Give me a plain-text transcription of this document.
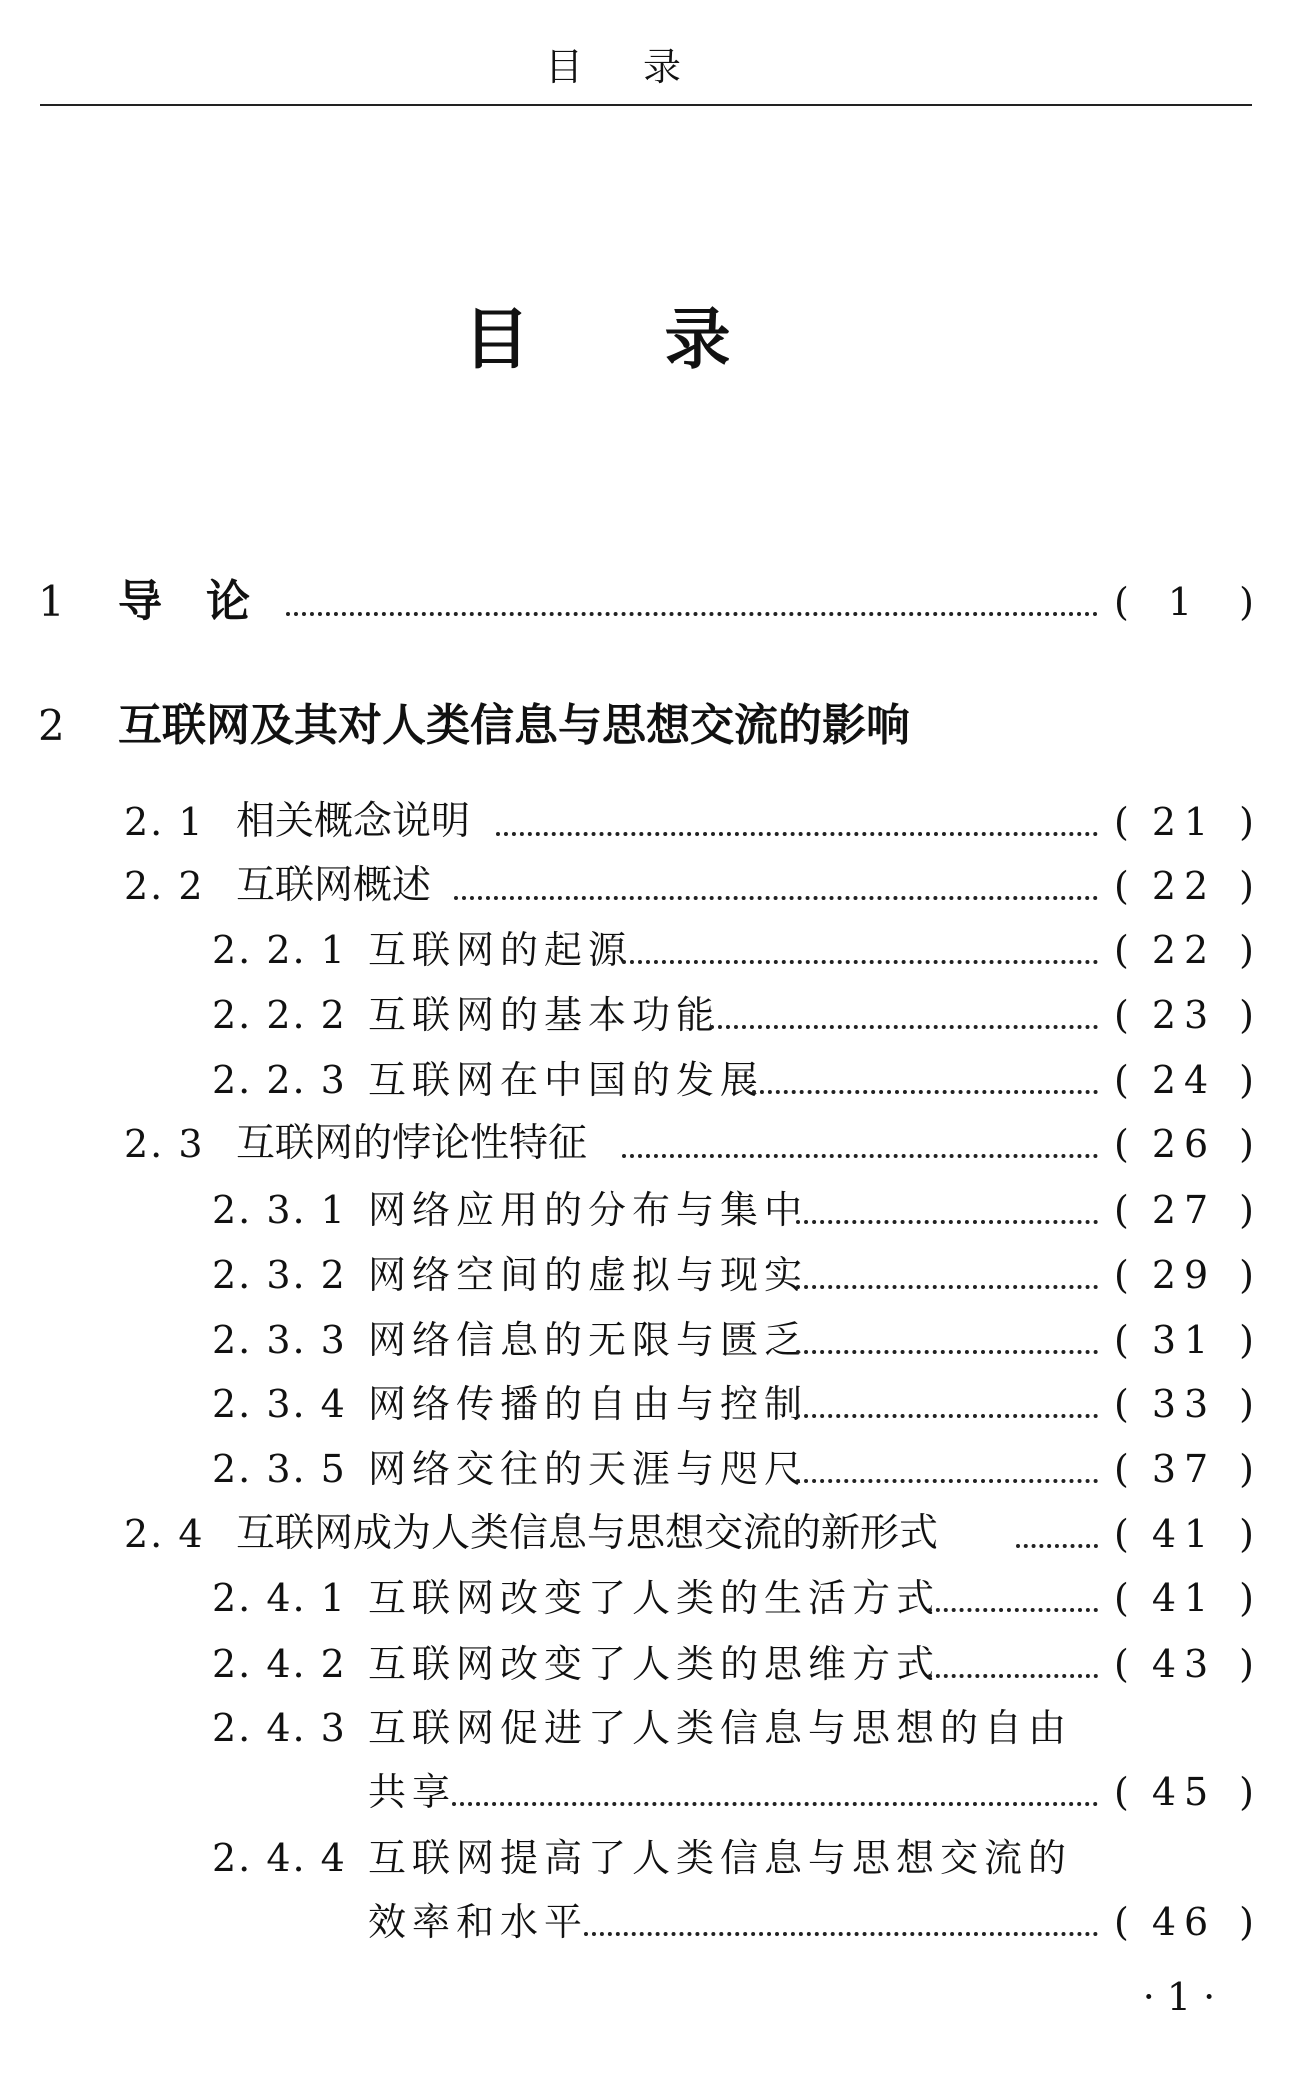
目 录
目 录
1 导　论	( 1 )
2 互联网及其对人类信息与思想交流的影响
2. 1 相关概念说明	( 21 )
2. 2 互联网概述	( 22 )
2. 2. 1 互联网的起源	( 22 )
2. 2. 2 互联网的基本功能	( 23 )
2. 2. 3 互联网在中国的发展	( 24 )
2. 3 互联网的悖论性特征	( 26 )
2. 3. 1 网络应用的分布与集中	( 27 )
2. 3. 2 网络空间的虚拟与现实	( 29 )
2. 3. 3 网络信息的无限与匮乏	( 31 )
2. 3. 4 网络传播的自由与控制	( 33 )
2. 3. 5 网络交往的天涯与咫尺	( 37 )
2. 4 互联网成为人类信息与思想交流的新形式	( 41 )
2. 4. 1 互联网改变了人类的生活方式	( 41 )
2. 4. 2 互联网改变了人类的思维方式	( 43 )
2. 4. 3 互联网促进了人类信息与思想的自由
共享	( 45 )
2. 4. 4 互联网提高了人类信息与思想交流的
效率和水平	( 46 )
· 1 ·
